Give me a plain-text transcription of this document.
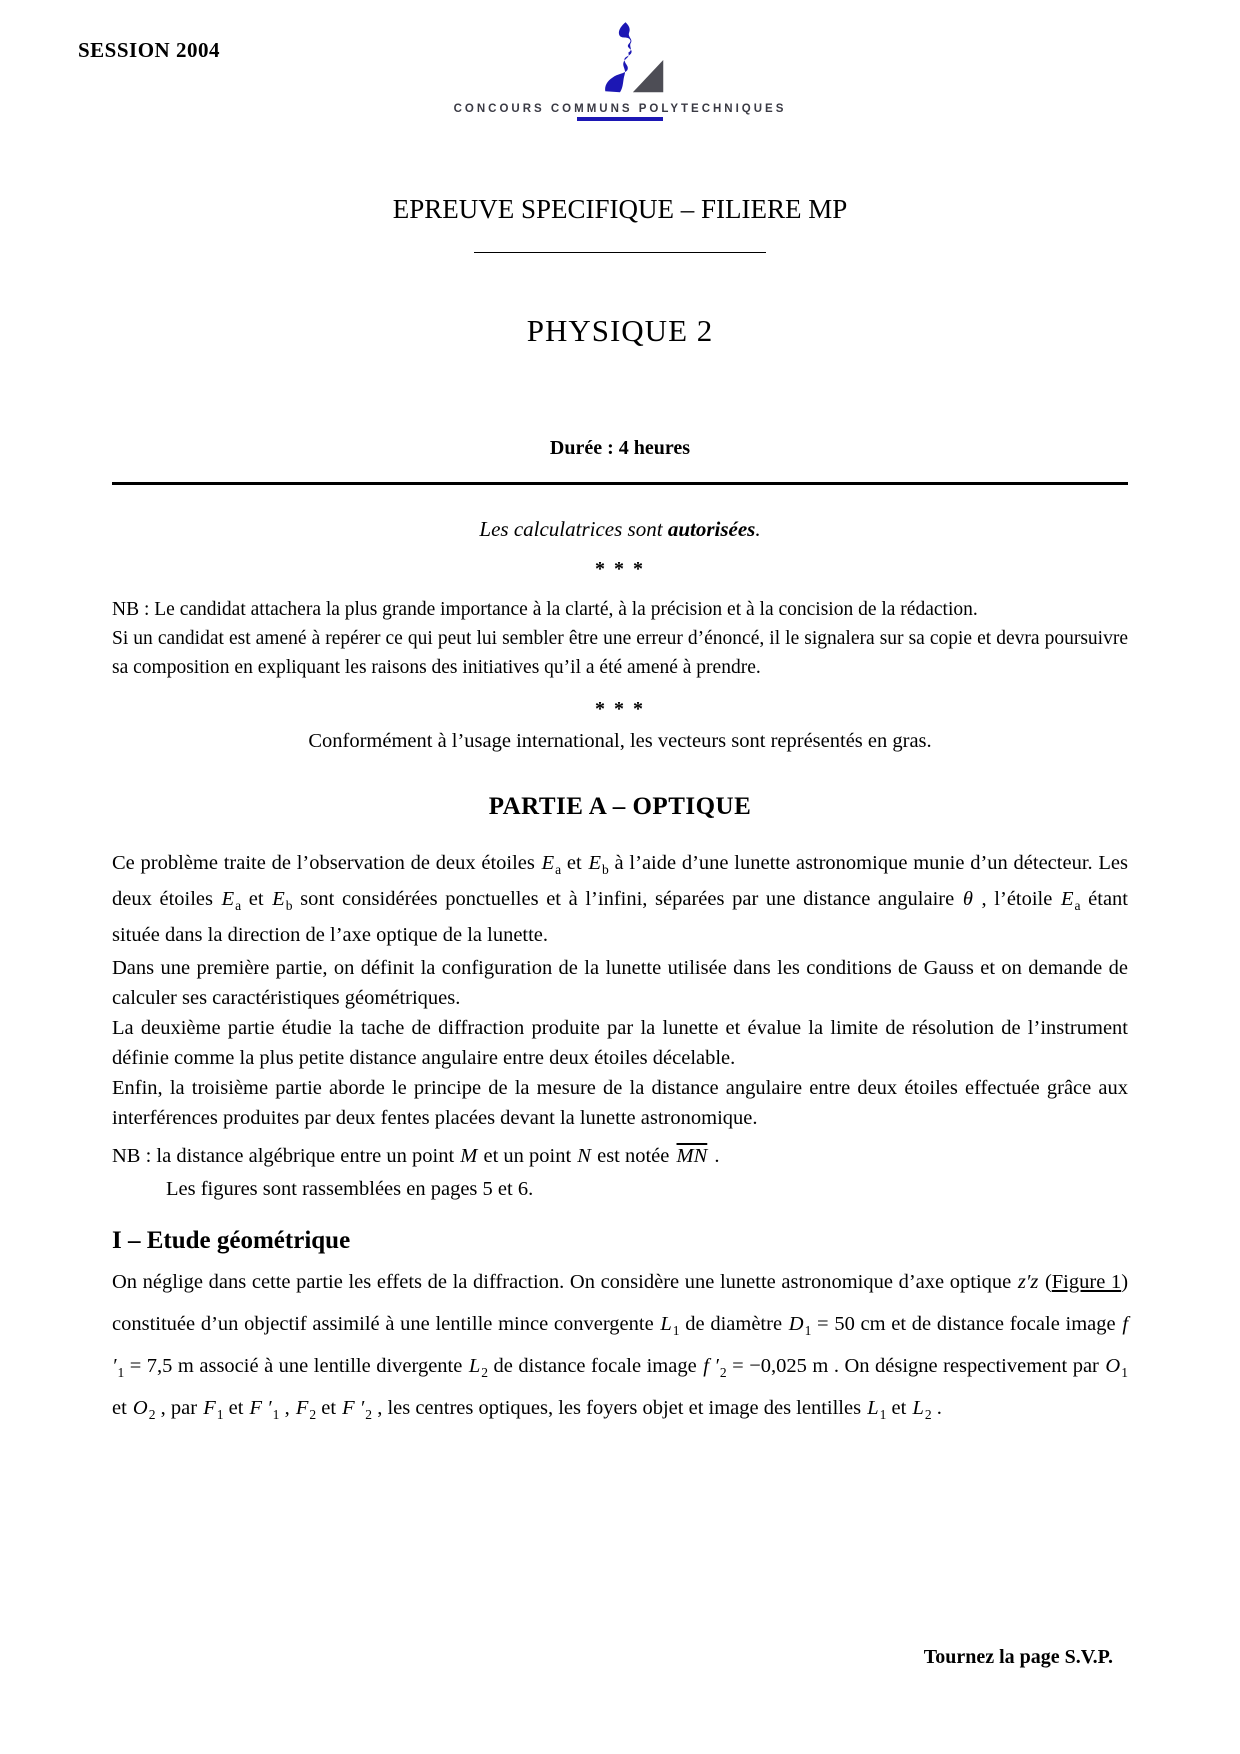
SESSION 2004
CONCOURS COMMUNS POLYTECHNIQUES
EPREUVE SPECIFIQUE – FILIERE MP
PHYSIQUE 2
Durée : 4 heures
Les calculatrices sont autorisées.
* * *

NB : Le candidat attachera la plus grande importance à la clarté, à la précision et à la concision de la rédaction.

Si un candidat est amené à repérer ce qui peut lui sembler être une erreur d’énoncé, il le signalera sur sa copie et devra poursuivre sa composition en expliquant les raisons des initiatives qu’il a été amené à prendre.

* * *
Conformément à l’usage international, les vecteurs sont représentés en gras.
PARTIE A – OPTIQUE

Ce problème traite de l’observation de deux étoiles $E_a$ et $E_b$ à l’aide d’une lunette astronomique munie d’un détecteur. Les deux étoiles $E_a$ et $E_b$ sont considérées ponctuelles et à l’infini, séparées par une distance angulaire θ , l’étoile $E_a$ étant située dans la direction de l’axe optique de la lunette.

Dans une première partie, on définit la configuration de la lunette utilisée dans les conditions de Gauss et on demande de calculer ses caractéristiques géométriques.

La deuxième partie étudie la tache de diffraction produite par la lunette et évalue la limite de résolution de l’instrument définie comme la plus petite distance angulaire entre deux étoiles décelable.

Enfin, la troisième partie aborde le principe de la mesure de la distance angulaire entre deux étoiles effectuée grâce aux interférences produites par deux fentes placées devant la lunette astronomique.

NB : la distance algébrique entre un point M et un point N est notée $\overline{MN}$ .
Les figures sont rassemblées en pages 5 et 6.
I – Etude géométrique

On néglige dans cette partie les effets de la diffraction. On considère une lunette astronomique d’axe optique z′z (Figure 1) constituée d’un objectif assimilé à une lentille mince convergente $L_1$ de diamètre $D_1 = 50$ cm et de distance focale image f $'_1 = 7,5$ m associé à une lentille divergente $L_2$ de distance focale image f $'_2 = -0,025$ m . On désigne respectivement par $O_1$ et $O_2$ , par $F_1$ et F $'_1$ , $F_2$ et F $'_2$ , les centres optiques, les foyers objet et image des lentilles $L_1$ et $L_2$ .

Tournez la page S.V.P.
